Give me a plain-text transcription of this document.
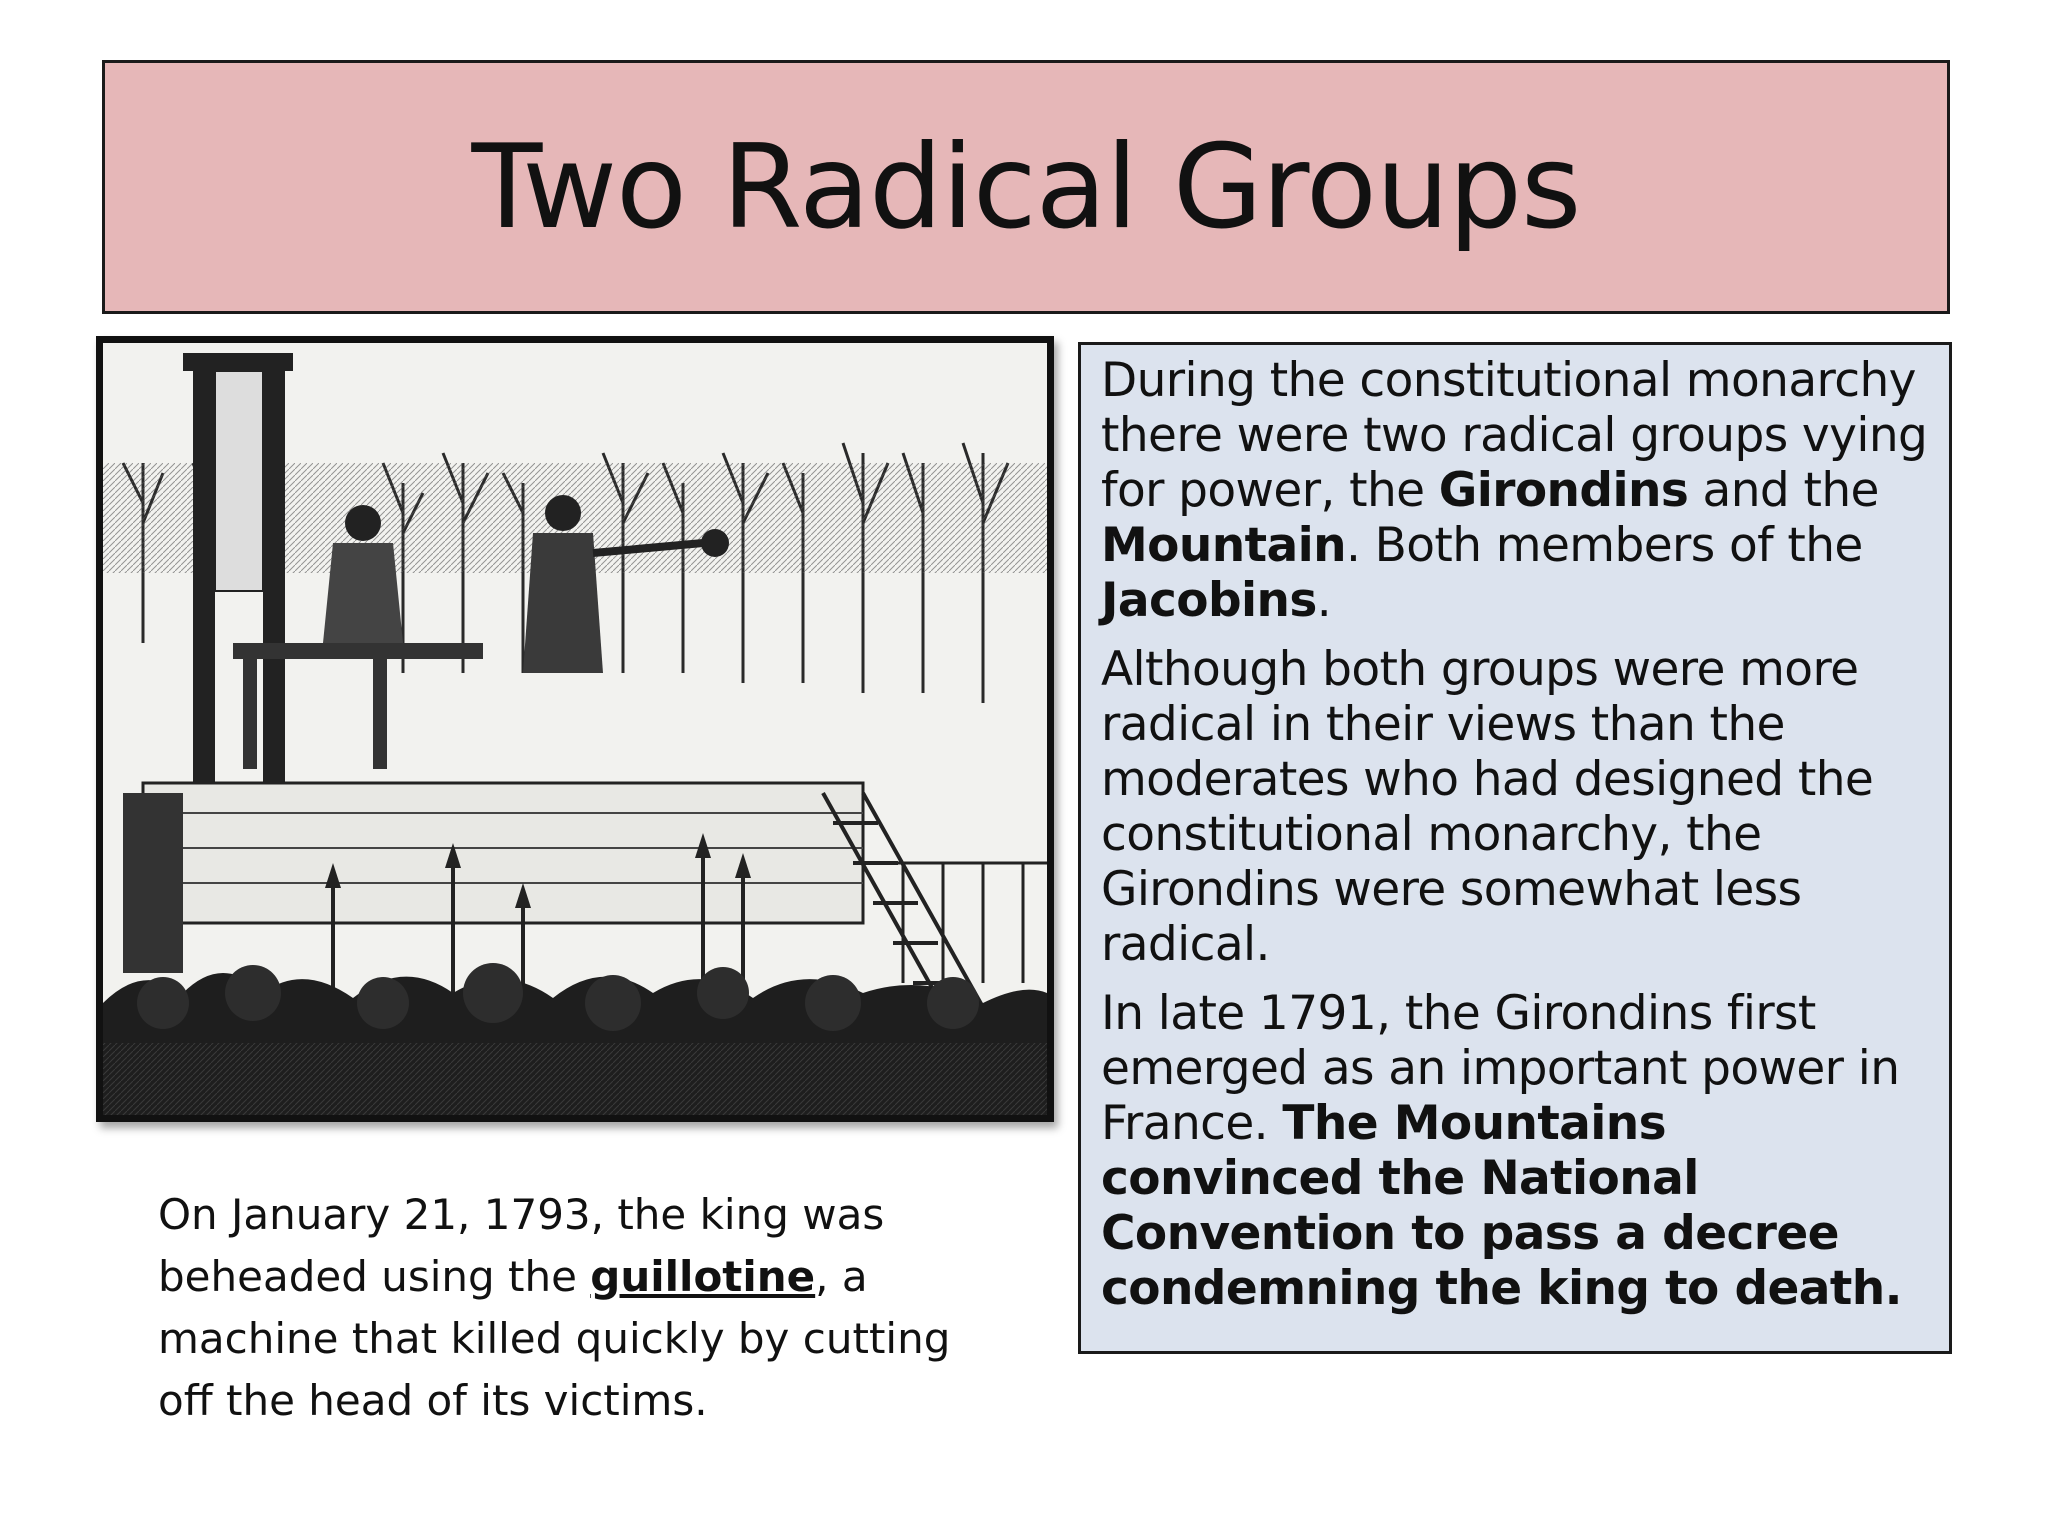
Two Radical Groups

During the constitutional monarchy there were two radical groups vying for power, the Girondins and the Mountain. Both members of the Jacobins.

Although both groups were more radical in their views than the moderates who had designed the constitutional monarchy, the Girondins were somewhat less radical.

In late 1791, the Girondins first emerged as an important power in France. The Mountains convinced the National Convention to pass a decree condemning the king to death.

On January 21, 1793, the king was beheaded using the guillotine, a machine that killed quickly by cutting off the head of its victims.
